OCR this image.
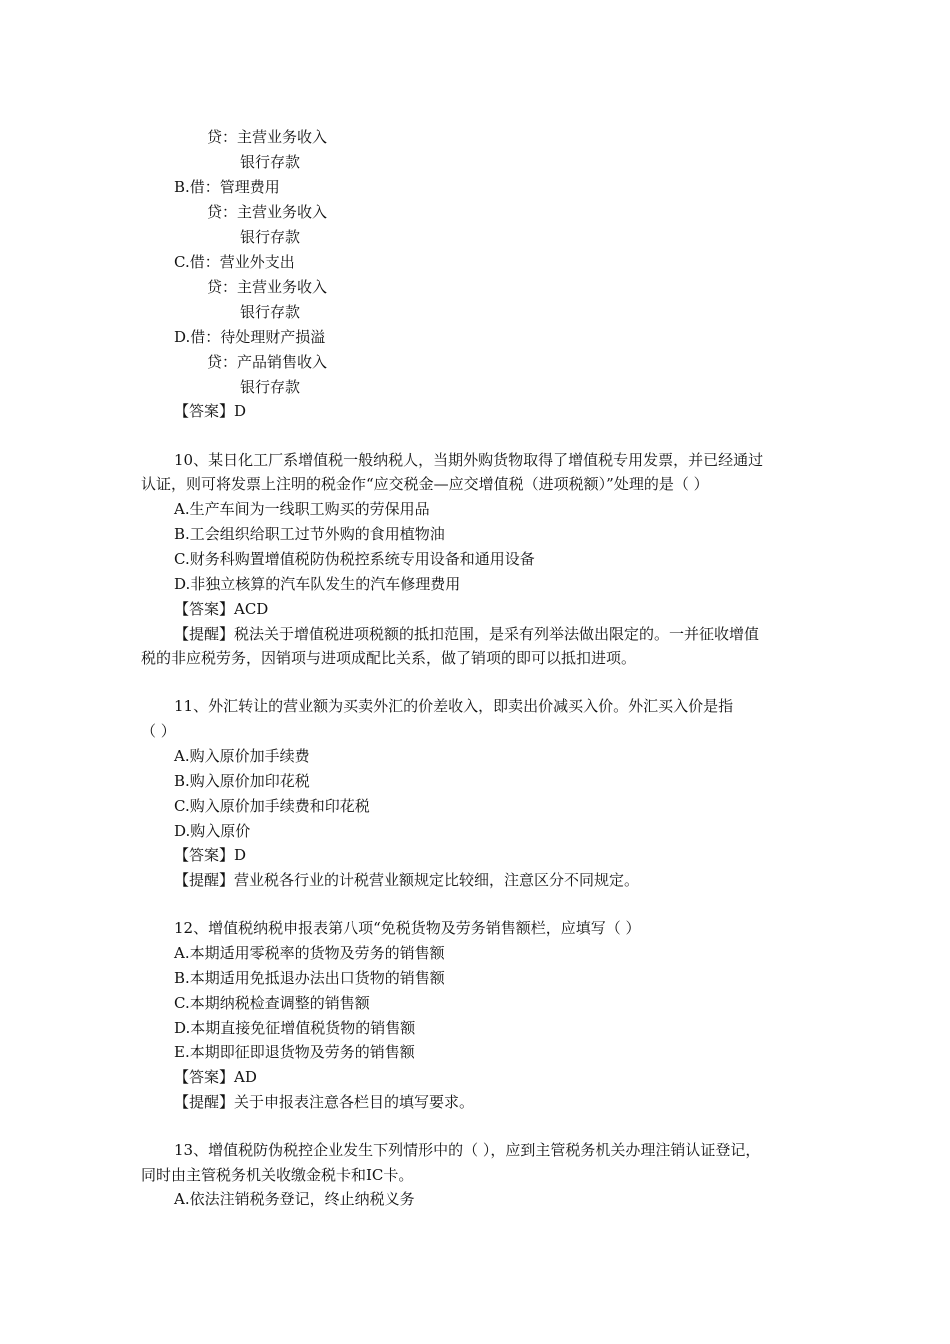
贷：主营业务收入
银行存款
B.借：管理费用
贷：主营业务收入
银行存款
C.借：营业外支出
贷：主营业务收入
银行存款
D.借：待处理财产损溢
贷：产品销售收入
银行存款
【答案】D
10、某日化工厂系增值税一般纳税人，当期外购货物取得了增值税专用发票，并已经通过
认证，则可将发票上注明的税金作“应交税金—应交增值税（进项税额）”处理的是（ ）
A.生产车间为一线职工购买的劳保用品
B.工会组织给职工过节外购的食用植物油
C.财务科购置增值税防伪税控系统专用设备和通用设备
D.非独立核算的汽车队发生的汽车修理费用
【答案】ACD
【提醒】税法关于增值税进项税额的抵扣范围，是采有列举法做出限定的。一并征收增值
税的非应税劳务，因销项与进项成配比关系，做了销项的即可以抵扣进项。
11、外汇转让的营业额为买卖外汇的价差收入，即卖出价减买入价。外汇买入价是指
（ ）
A.购入原价加手续费
B.购入原价加印花税
C.购入原价加手续费和印花税
D.购入原价
【答案】D
【提醒】营业税各行业的计税营业额规定比较细，注意区分不同规定。
12、增值税纳税申报表第八项“免税货物及劳务销售额栏，应填写（ ）
A.本期适用零税率的货物及劳务的销售额
B.本期适用免抵退办法出口货物的销售额
C.本期纳税检查调整的销售额
D.本期直接免征增值税货物的销售额
E.本期即征即退货物及劳务的销售额
【答案】AD
【提醒】关于申报表注意各栏目的填写要求。
13、增值税防伪税控企业发生下列情形中的（ ），应到主管税务机关办理注销认证登记，
同时由主管税务机关收缴金税卡和IC卡。
A.依法注销税务登记，终止纳税义务
